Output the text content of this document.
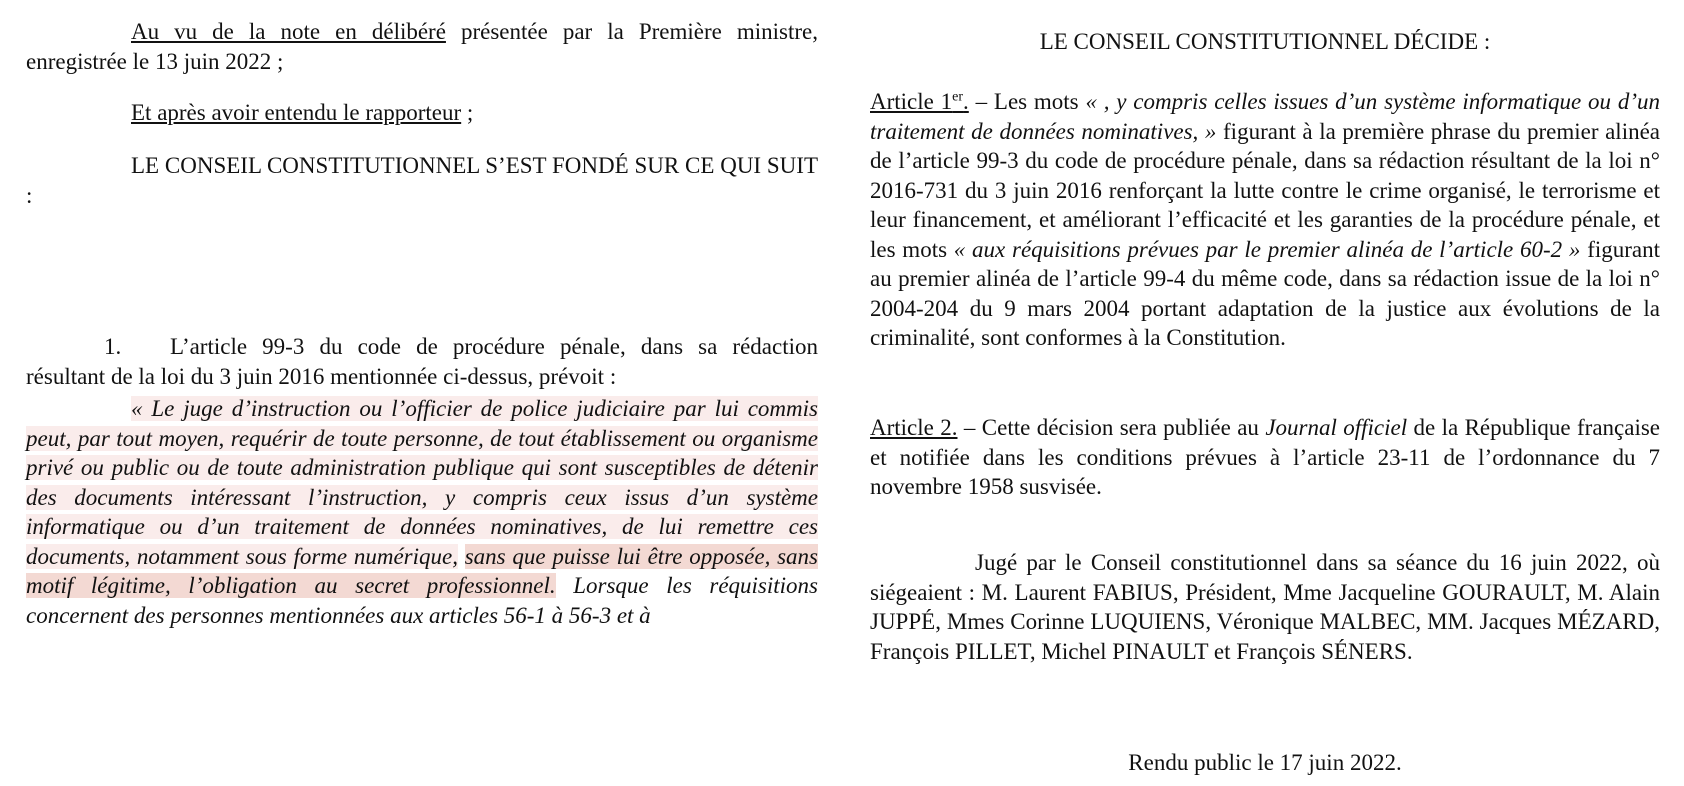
Au vu de la note en délibéré présentée par la Première ministre, enregistrée le 13 juin 2022 ;

Et après avoir entendu le rapporteur ;

LE CONSEIL CONSTITUTIONNEL S’EST FONDÉ SUR CE QUI SUIT :

1. L’article 99-3 du code de procédure pénale, dans sa rédaction résultant de la loi du 3 juin 2016 mentionnée ci-dessus, prévoit :

« Le juge d’instruction ou l’officier de police judiciaire par lui commis peut, par tout moyen, requérir de toute personne, de tout établissement ou organisme privé ou public ou de toute administration publique qui sont susceptibles de détenir des documents intéressant l’instruction, y compris ceux issus d’un système informatique ou d’un traitement de données nominatives, de lui remettre ces documents, notamment sous forme numérique, sans que puisse lui être opposée, sans motif légitime, l’obligation au secret professionnel. Lorsque les réquisitions concernent des personnes mentionnées aux articles 56-1 à 56-3 et à

LE CONSEIL CONSTITUTIONNEL DÉCIDE :

Article 1er. – Les mots « , y compris celles issues d’un système informatique ou d’un traitement de données nominatives, » figurant à la première phrase du premier alinéa de l’article 99-3 du code de procédure pénale, dans sa rédaction résultant de la loi n° 2016-731 du 3 juin 2016 renforçant la lutte contre le crime organisé, le terrorisme et leur financement, et améliorant l’efficacité et les garanties de la procédure pénale, et les mots « aux réquisitions prévues par le premier alinéa de l’article 60-2 » figurant au premier alinéa de l’article 99-4 du même code, dans sa rédaction issue de la loi n° 2004-204 du 9 mars 2004 portant adaptation de la justice aux évolutions de la criminalité, sont conformes à la Constitution.

Article 2. – Cette décision sera publiée au Journal officiel de la République française et notifiée dans les conditions prévues à l’article 23-11 de l’ordonnance du 7 novembre 1958 susvisée.

Jugé par le Conseil constitutionnel dans sa séance du 16 juin 2022, où siégeaient : M. Laurent FABIUS, Président, Mme Jacqueline GOURAULT, M. Alain JUPPÉ, Mmes Corinne LUQUIENS, Véronique MALBEC, MM. Jacques MÉZARD, François PILLET, Michel PINAULT et François SÉNERS.

Rendu public le 17 juin 2022.
